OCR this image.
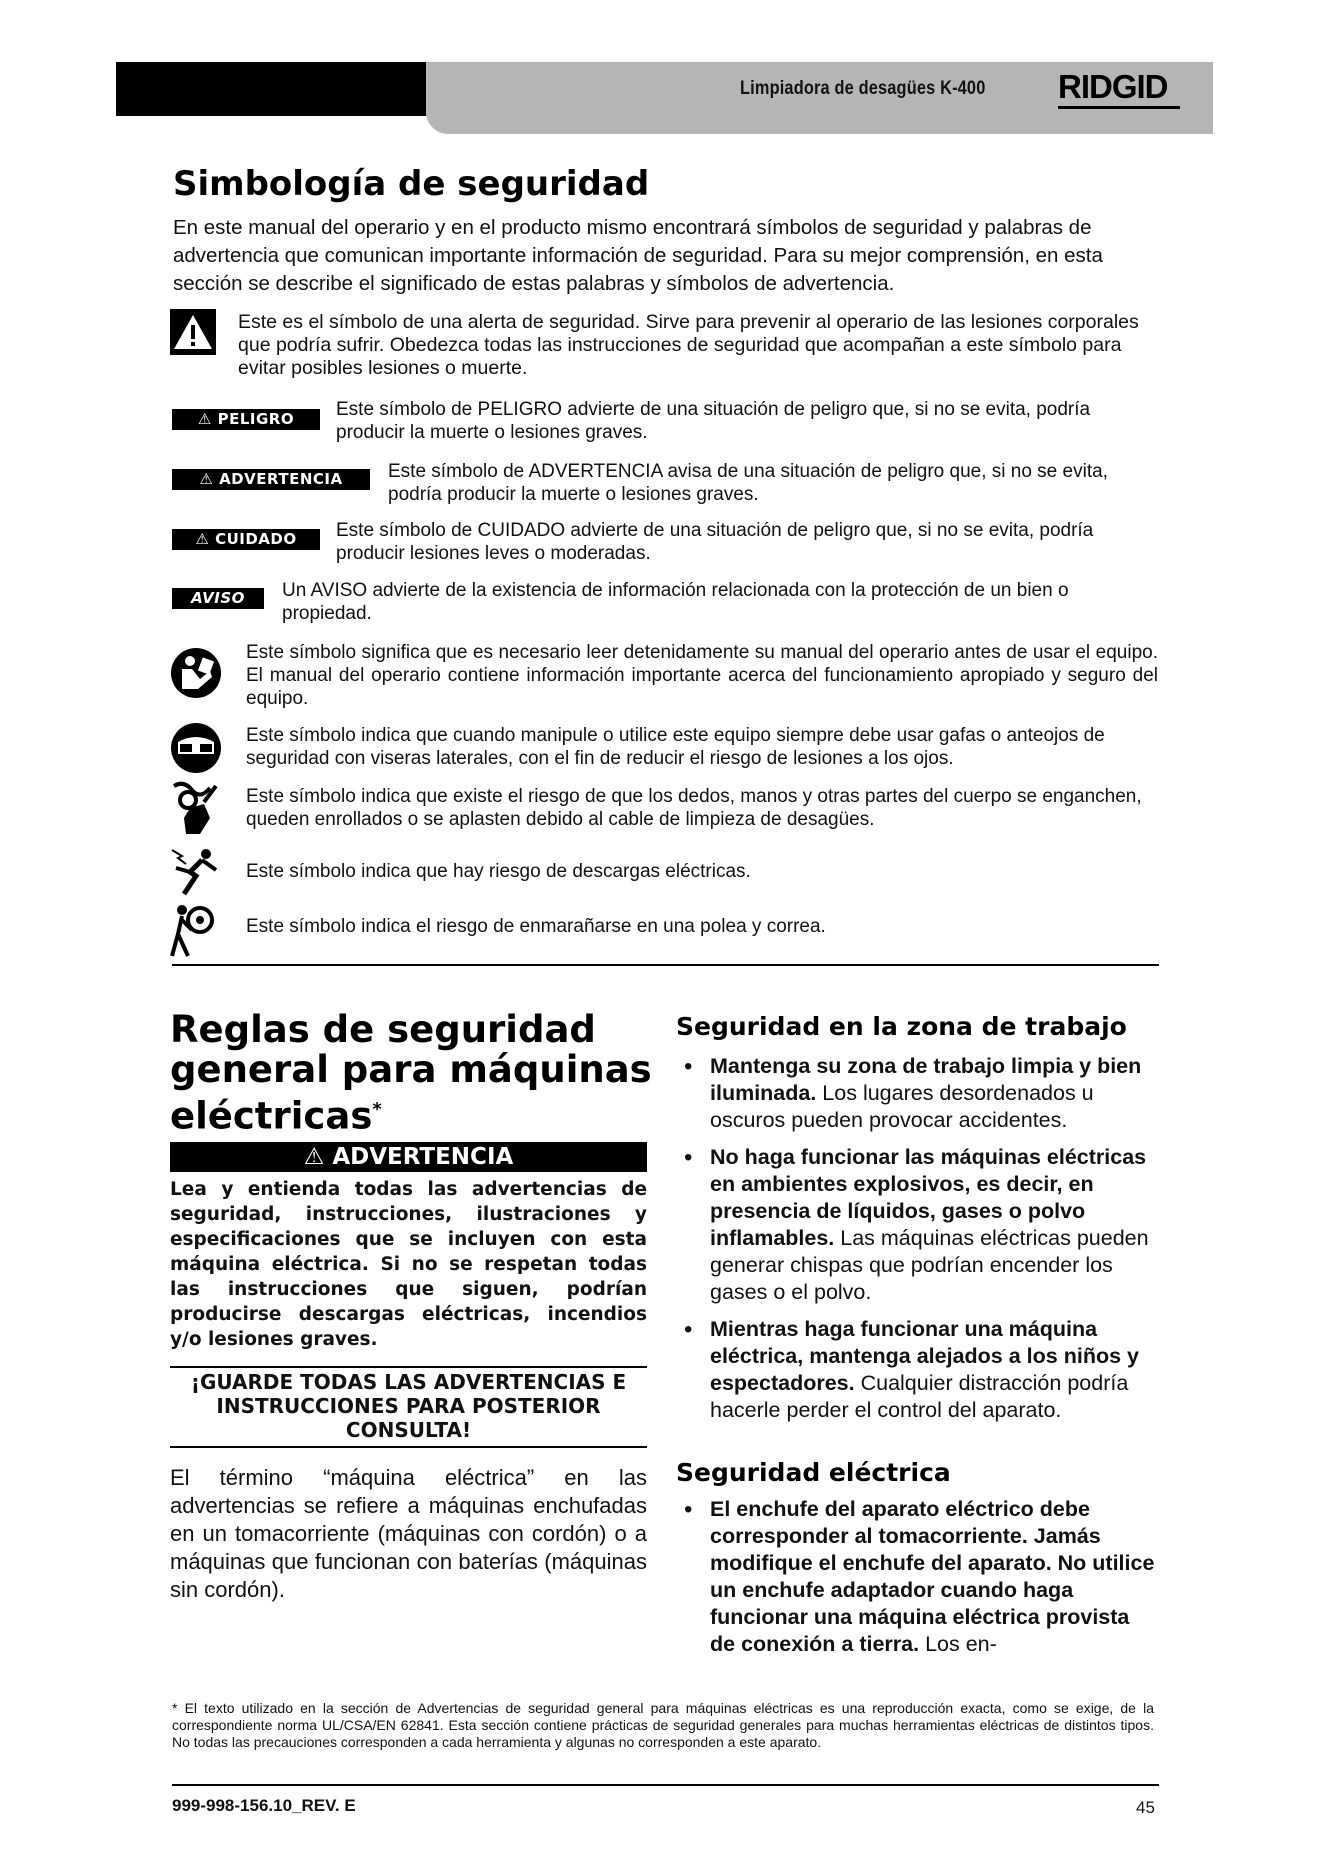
Limpiadora de desagües K-400 RIDGID
Simbología de seguridad

En este manual del operario y en el producto mismo encontrará símbolos de seguridad y palabras de advertencia que comunican importante información de seguridad. Para su mejor comprensión, en esta sección se describe el significado de estas palabras y símbolos de advertencia.

Este es el símbolo de una alerta de seguridad. Sirve para prevenir al operario de las lesiones corporales que podría sufrir. Obedezca todas las instrucciones de seguridad que acompañan a este símbolo para evitar posibles lesiones o muerte.

⚠ PELIGRO	Este símbolo de PELIGRO advierte de una situación de peligro que, si no se evita, podría producir la muerte o lesiones graves.

⚠ ADVERTENCIA	Este símbolo de ADVERTENCIA avisa de una situación de peligro que, si no se evita, podría producir la muerte o lesiones graves.

⚠ CUIDADO	Este símbolo de CUIDADO advierte de una situación de peligro que, si no se evita, podría producir lesiones leves o moderadas.

AVISO	Un AVISO advierte de la existencia de información relacionada con la protección de un bien o propiedad.

Este símbolo significa que es necesario leer detenidamente su manual del operario antes de usar el equipo. El manual del operario contiene información importante acerca del funcionamiento apropiado y seguro del equipo.

Este símbolo indica que cuando manipule o utilice este equipo siempre debe usar gafas o anteojos de seguridad con viseras laterales, con el fin de reducir el riesgo de lesiones a los ojos.

Este símbolo indica que existe el riesgo de que los dedos, manos y otras partes del cuerpo se enganchen, queden enrollados o se aplasten debido al cable de limpieza de desagües.

Este símbolo indica que hay riesgo de descargas eléctricas.

Este símbolo indica el riesgo de enmarañarse en una polea y correa.

Reglas de seguridad general para máquinas eléctricas*
⚠ ADVERTENCIA

Lea y entienda todas las advertencias de seguridad, instrucciones, ilustraciones y especificaciones que se incluyen con esta máquina eléctrica. Si no se respetan todas las instrucciones que siguen, podrían producirse descargas eléctricas, incendios y/o lesiones graves.

¡GUARDE TODAS LAS ADVERTENCIAS E INSTRUCCIONES PARA POSTERIOR CONSULTA!

El término “máquina eléctrica” en las advertencias se refiere a máquinas enchufadas en un tomacorriente (máquinas con cordón) o a máquinas que funcionan con baterías (máquinas sin cordón).

Seguridad en la zona de trabajo
• Mantenga su zona de trabajo limpia y bien iluminada. Los lugares desordenados u oscuros pueden provocar accidentes.
• No haga funcionar las máquinas eléctricas en ambientes explosivos, es decir, en presencia de líquidos, gases o polvo inflamables. Las máquinas eléctricas pueden generar chispas que podrían encender los gases o el polvo.
• Mientras haga funcionar una máquina eléctrica, mantenga alejados a los niños y espectadores. Cualquier distracción podría hacerle perder el control del aparato.
Seguridad eléctrica
• El enchufe del aparato eléctrico debe corresponder al tomacorriente. Jamás modifique el enchufe del aparato. No utilice un enchufe adaptador cuando haga funcionar una máquina eléctrica provista de conexión a tierra. Los en-

* El texto utilizado en la sección de Advertencias de seguridad general para máquinas eléctricas es una reproducción exacta, como se exige, de la correspondiente norma UL/CSA/EN 62841. Esta sección contiene prácticas de seguridad generales para muchas herramientas eléctricas de distintos tipos. No todas las precauciones corresponden a cada herramienta y algunas no corresponden a este aparato.

999-998-156.10_REV. E	45
